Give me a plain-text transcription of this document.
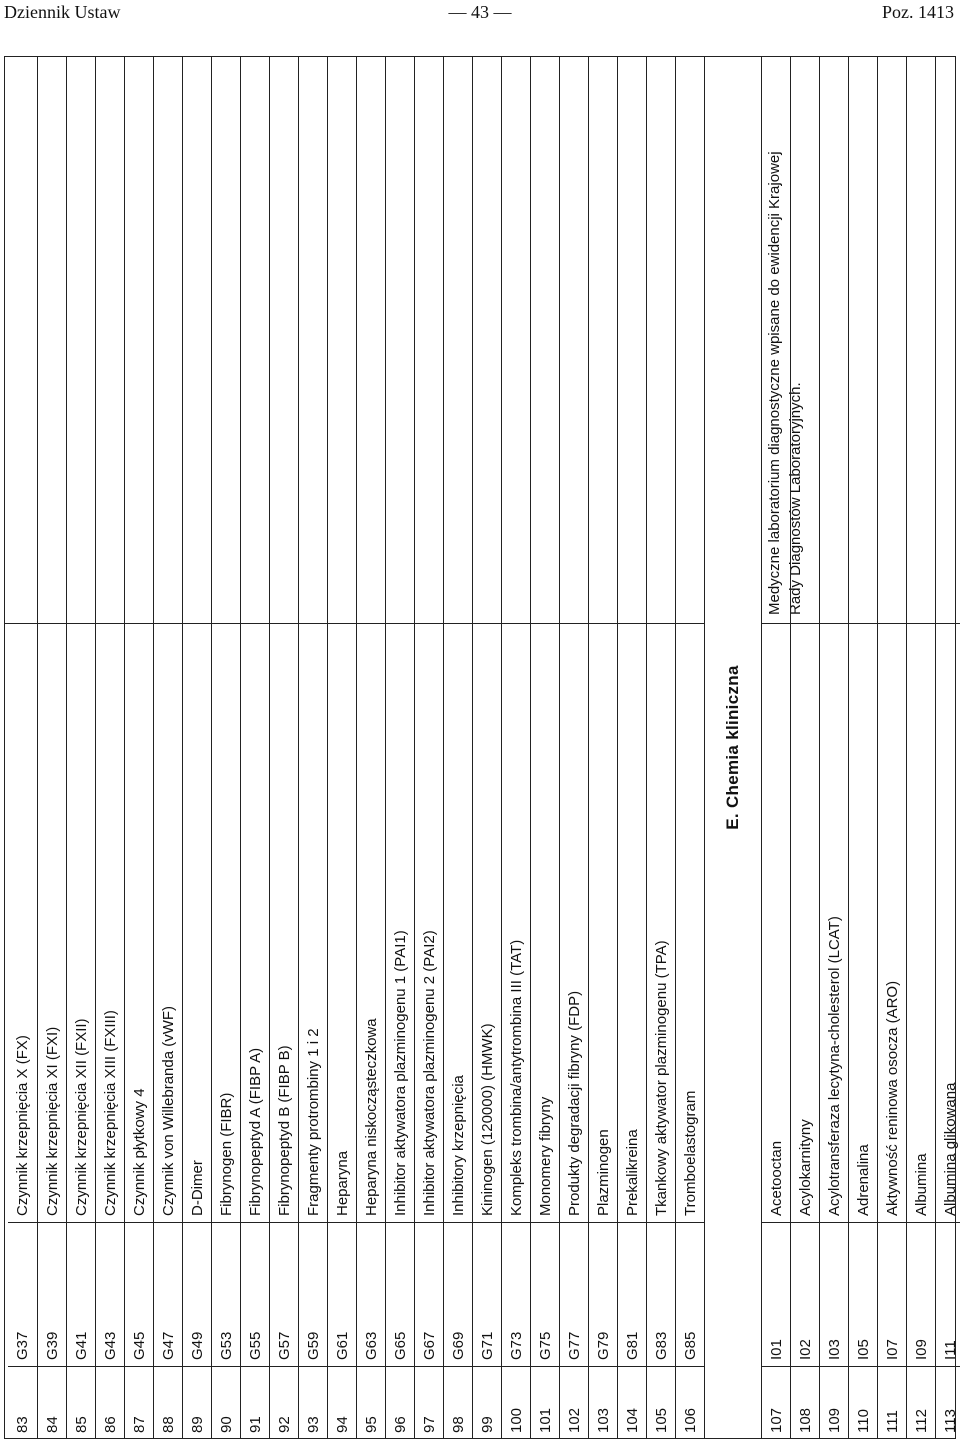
— 43 —
Dziennik Ustaw	Poz. 1413
E. Chemia kliniczna
Medyczne laboratorium diagnostyczne wpisane do ewidencji Krajowej Rady Diagnostów Laboratoryjnych.
83
G37
Czynnik krzepnięcia X (FX)
84
G39
Czynnik krzepnięcia XI (FXI)
85
G41
Czynnik krzepnięcia XII (FXII)
86
G43
Czynnik krzepnięcia XIII (FXIII)
87
G45
Czynnik płytkowy 4
88
G47
Czynnik von Willebranda (vWF)
89
G49
D-Dimer
90
G53
Fibrynogen (FIBR)
91
G55
Fibrynopeptyd A (FIBP A)
92
G57
Fibrynopeptyd B (FIBP B)
93
G59
Fragmenty protrombiny 1 i 2
94
G61
Heparyna
95
G63
Heparyna niskocząsteczkowa
96
G65
Inhibitor aktywatora plazminogenu 1 (PAI1)
97
G67
Inhibitor aktywatora plazminogenu 2 (PAI2)
98
G69
Inhibitory krzepnięcia
99
G71
Kininogen (120000) (HMWK)
100
G73
Kompleks trombina/antytrombina III (TAT)
101
G75
Monomery fibryny
102
G77
Produkty degradacji fibryny (FDP)
103
G79
Plazminogen
104
G81
Prekalikreina
105
G83
Tkankowy aktywator plazminogenu (TPA)
106
G85
Tromboelastogram
107
I01
Acetooctan
108
I02
Acylokarnityny
109
I03
Acylotransferaza lecytyna-cholesterol (LCAT)
110
I05
Adrenalina
111
I07
Aktywność reninowa osocza (ARO)
112
I09
Albumina
113
I11
Albumina glikowana
